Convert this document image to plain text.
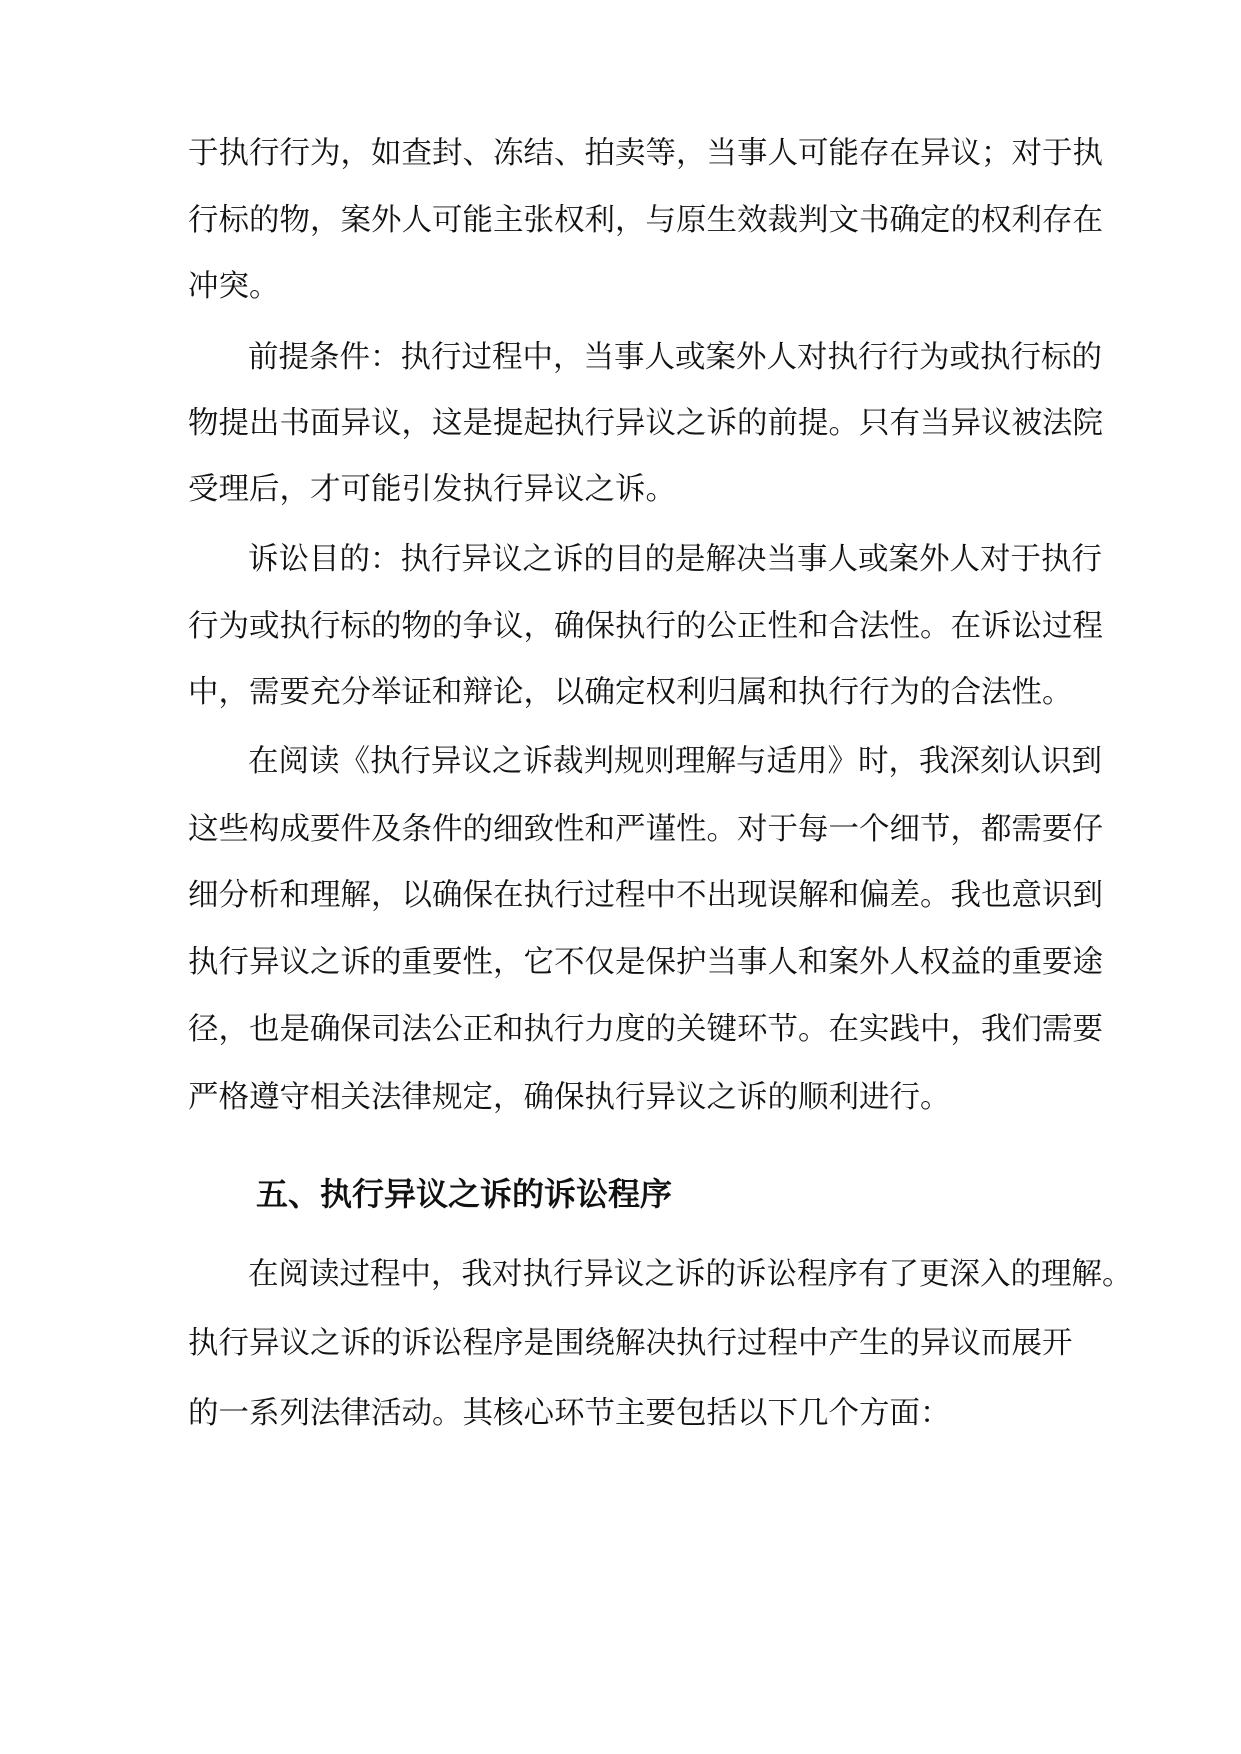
于执行行为，如查封、冻结、拍卖等，当事人可能存在异议；对于执
行标的物，案外人可能主张权利，与原生效裁判文书确定的权利存在
冲突。
前提条件：执行过程中，当事人或案外人对执行行为或执行标的
物提出书面异议，这是提起执行异议之诉的前提。只有当异议被法院
受理后，才可能引发执行异议之诉。
诉讼目的：执行异议之诉的目的是解决当事人或案外人对于执行
行为或执行标的物的争议，确保执行的公正性和合法性。在诉讼过程
中，需要充分举证和辩论，以确定权利归属和执行行为的合法性。
在阅读《执行异议之诉裁判规则理解与适用》时，我深刻认识到
这些构成要件及条件的细致性和严谨性。对于每一个细节，都需要仔
细分析和理解，以确保在执行过程中不出现误解和偏差。我也意识到
执行异议之诉的重要性，它不仅是保护当事人和案外人权益的重要途
径，也是确保司法公正和执行力度的关键环节。在实践中，我们需要
严格遵守相关法律规定，确保执行异议之诉的顺利进行。
五、执行异议之诉的诉讼程序
在阅读过程中，我对执行异议之诉的诉讼程序有了更深入的理解。
执行异议之诉的诉讼程序是围绕解决执行过程中产生的异议而展开
的一系列法律活动。其核心环节主要包括以下几个方面：
